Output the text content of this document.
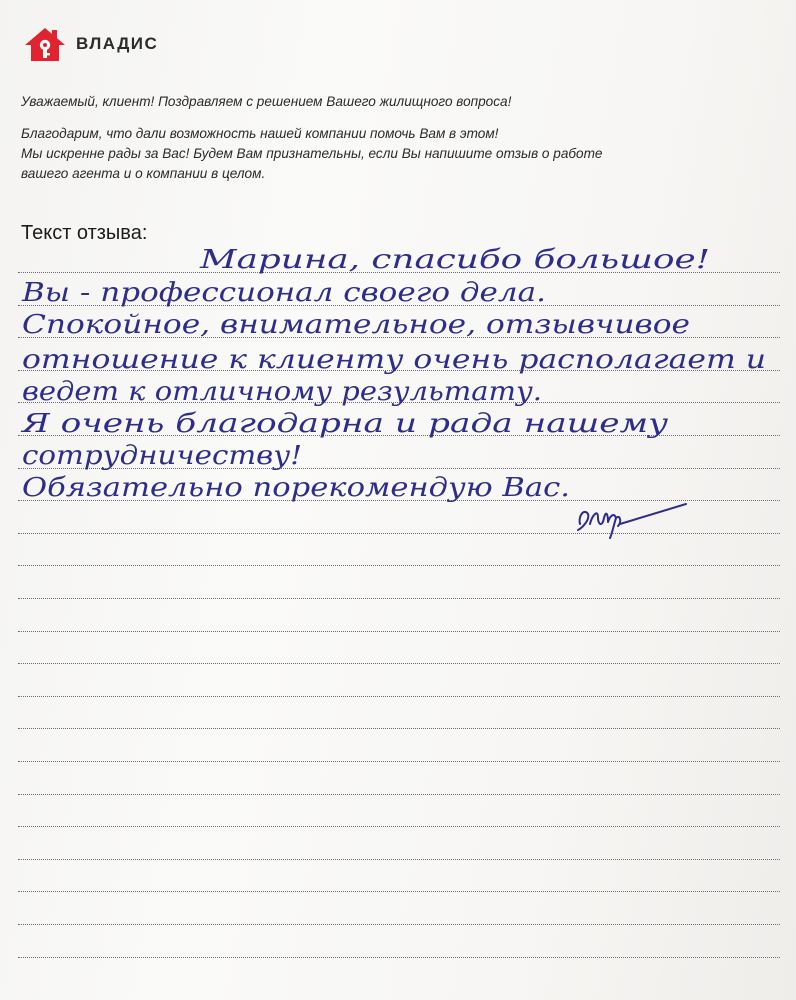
ВЛАДИС

Уважаемый, клиент! Поздравляем с решением Вашего жилищного вопроса!

Благодарим, что дали возможность нашей компании помочь Вам в этом!

Мы искренне рады за Вас! Будем Вам признательны, если Вы напишите отзыв о работе

вашего агента и о компании в целом.

Текст отзыва:

Марина, спасибо большое!
Вы - профессионал своего дела.
Спокойное, внимательное, отзывчивое
отношение к клиенту очень располагает и
ведет к отличному результату.
Я очень благодарна и рада нашему
сотрудничеству!
Обязательно порекомендую Вас.
